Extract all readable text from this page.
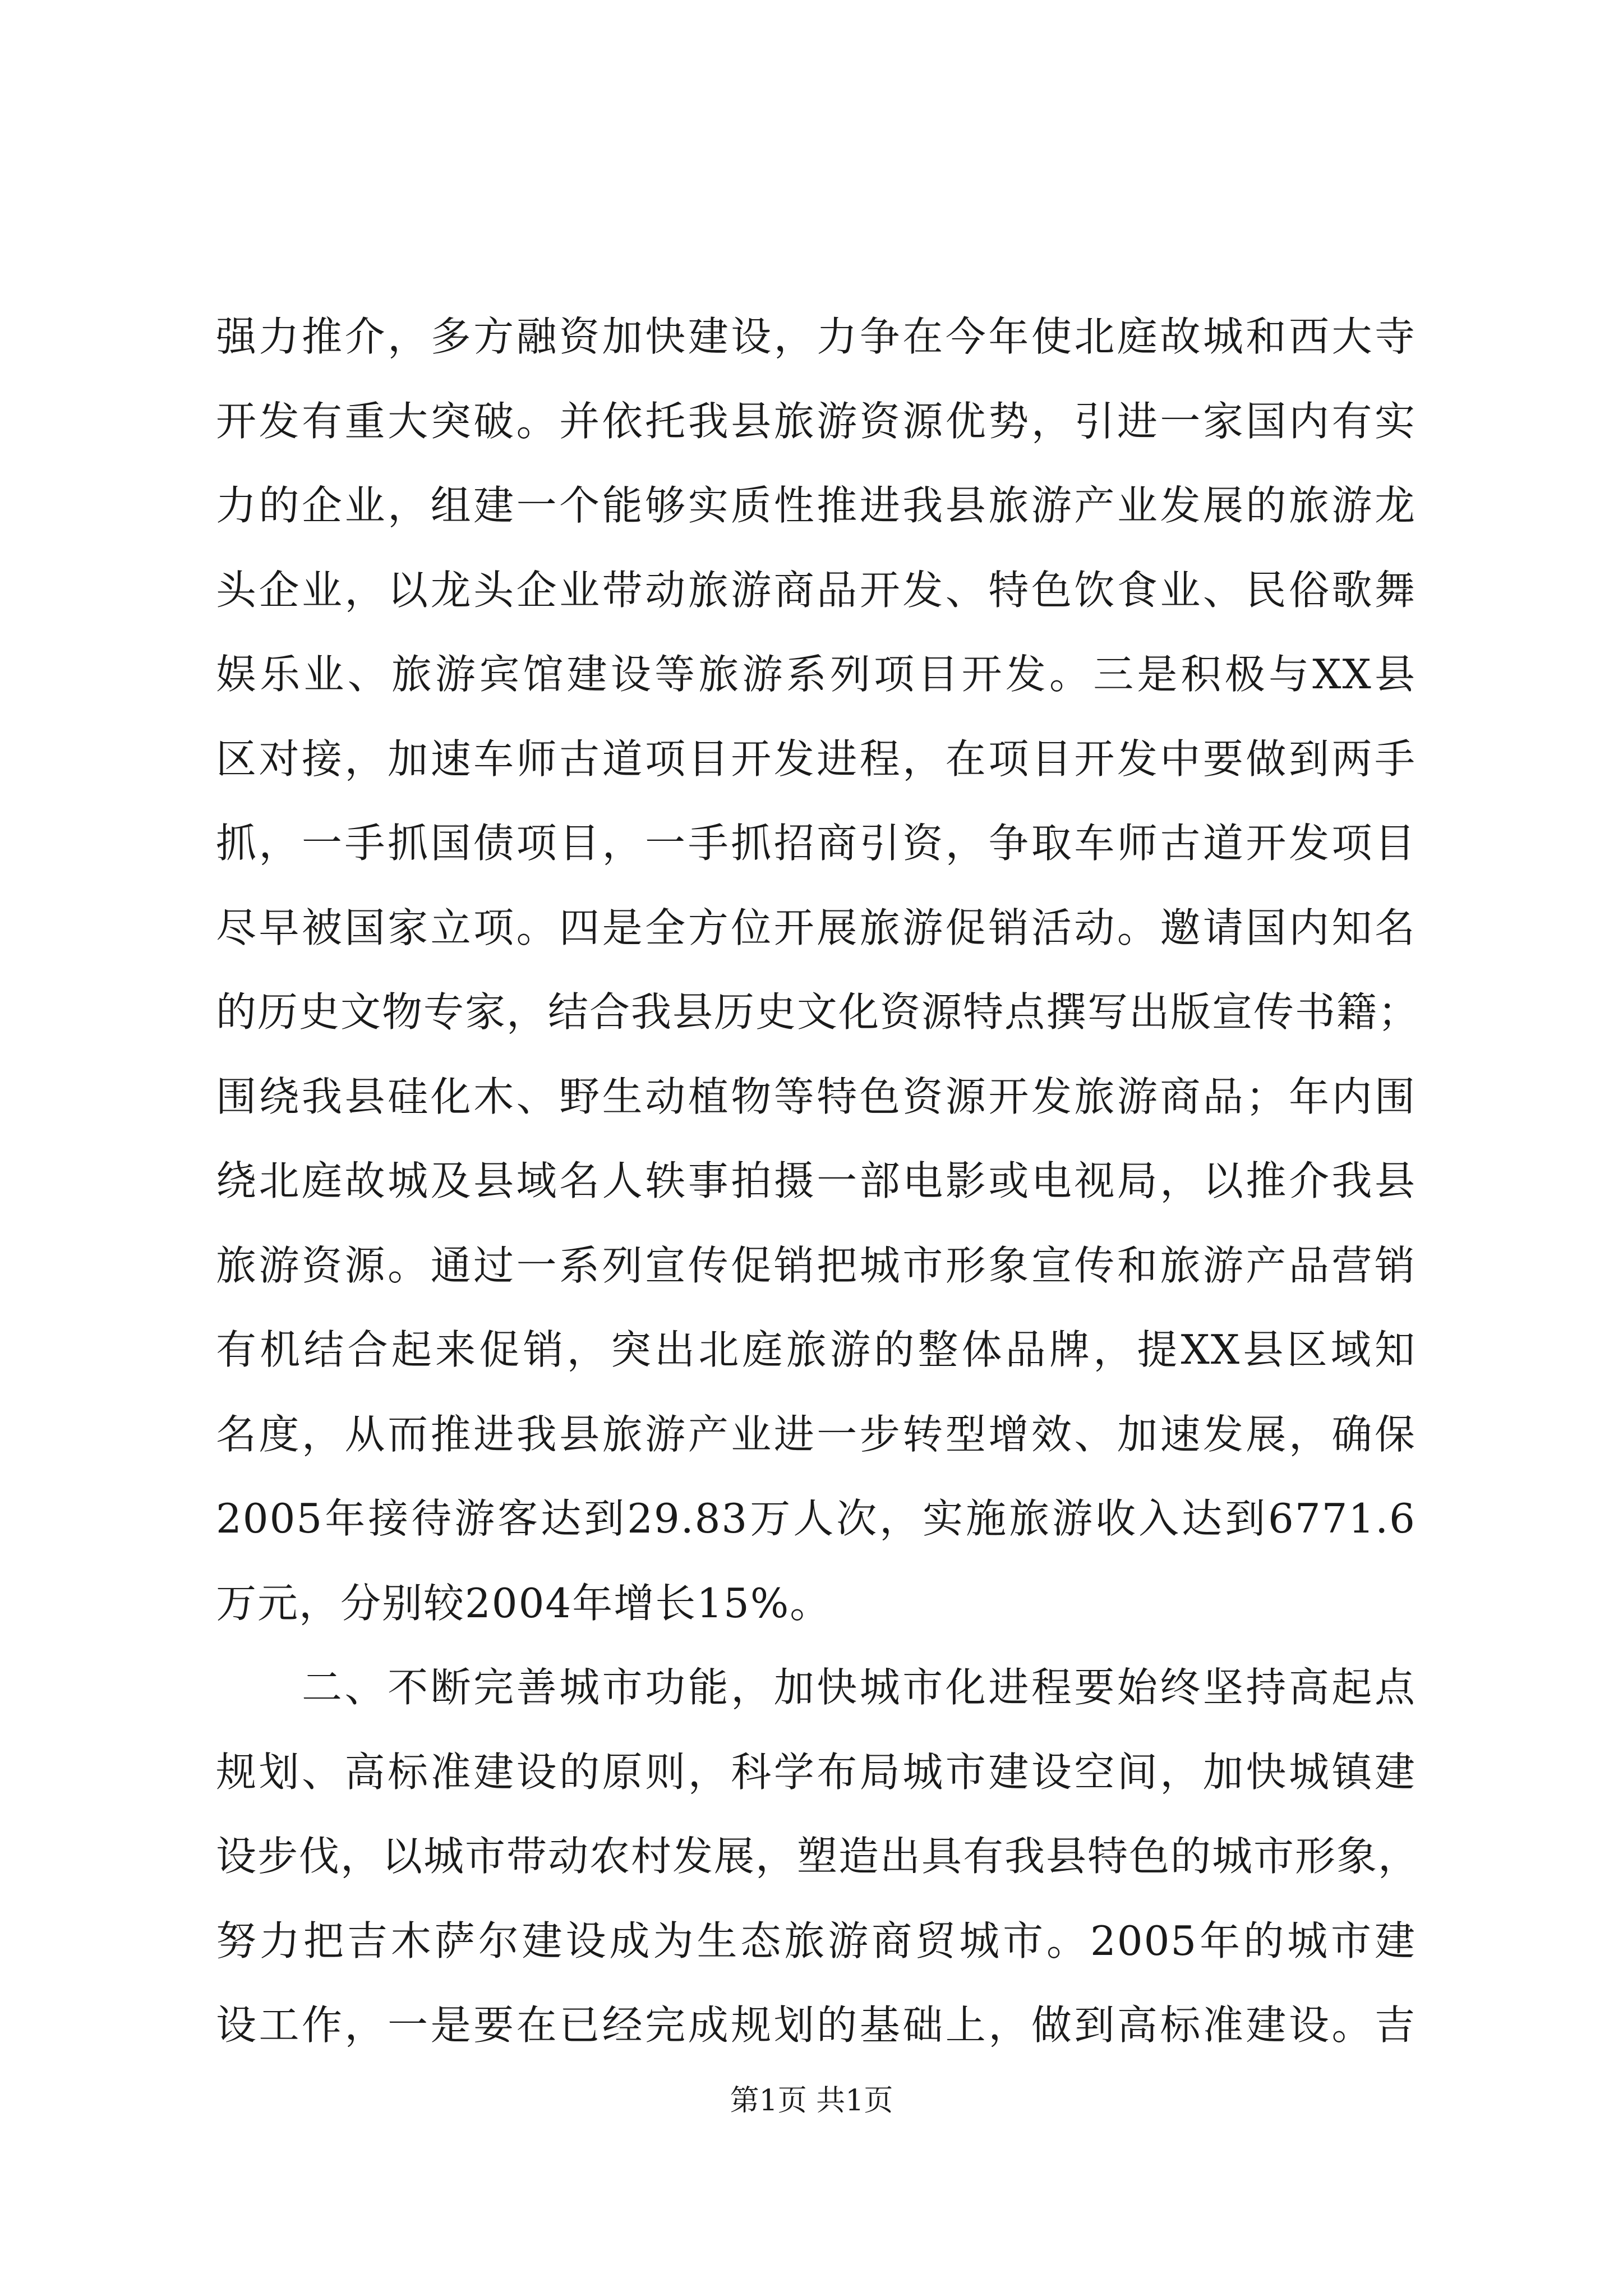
强力推介，多方融资加快建设，力争在今年使北庭故城和西大寺
开发有重大突破。并依托我县旅游资源优势，引进一家国内有实
力的企业，组建一个能够实质性推进我县旅游产业发展的旅游龙
头企业，以龙头企业带动旅游商品开发、特色饮食业、民俗歌舞
娱乐业、旅游宾馆建设等旅游系列项目开发。三是积极与XX县
区对接，加速车师古道项目开发进程，在项目开发中要做到两手
抓，一手抓国债项目，一手抓招商引资，争取车师古道开发项目
尽早被国家立项。四是全方位开展旅游促销活动。邀请国内知名
的历史文物专家，结合我县历史文化资源特点撰写出版宣传书籍；
围绕我县硅化木、野生动植物等特色资源开发旅游商品；年内围
绕北庭故城及县域名人轶事拍摄一部电影或电视局，以推介我县
旅游资源。通过一系列宣传促销把城市形象宣传和旅游产品营销
有机结合起来促销，突出北庭旅游的整体品牌，提XX县区域知
名度，从而推进我县旅游产业进一步转型增效、加速发展，确保
2005年接待游客达到29.83万人次，实施旅游收入达到6771.6
万元，分别较2004年增长15%。
　　二、不断完善城市功能，加快城市化进程要始终坚持高起点
规划、高标准建设的原则，科学布局城市建设空间，加快城镇建
设步伐，以城市带动农村发展，塑造出具有我县特色的城市形象，
努力把吉木萨尔建设成为生态旅游商贸城市。2005年的城市建
设工作，一是要在已经完成规划的基础上，做到高标准建设。吉
第1页 共1页
